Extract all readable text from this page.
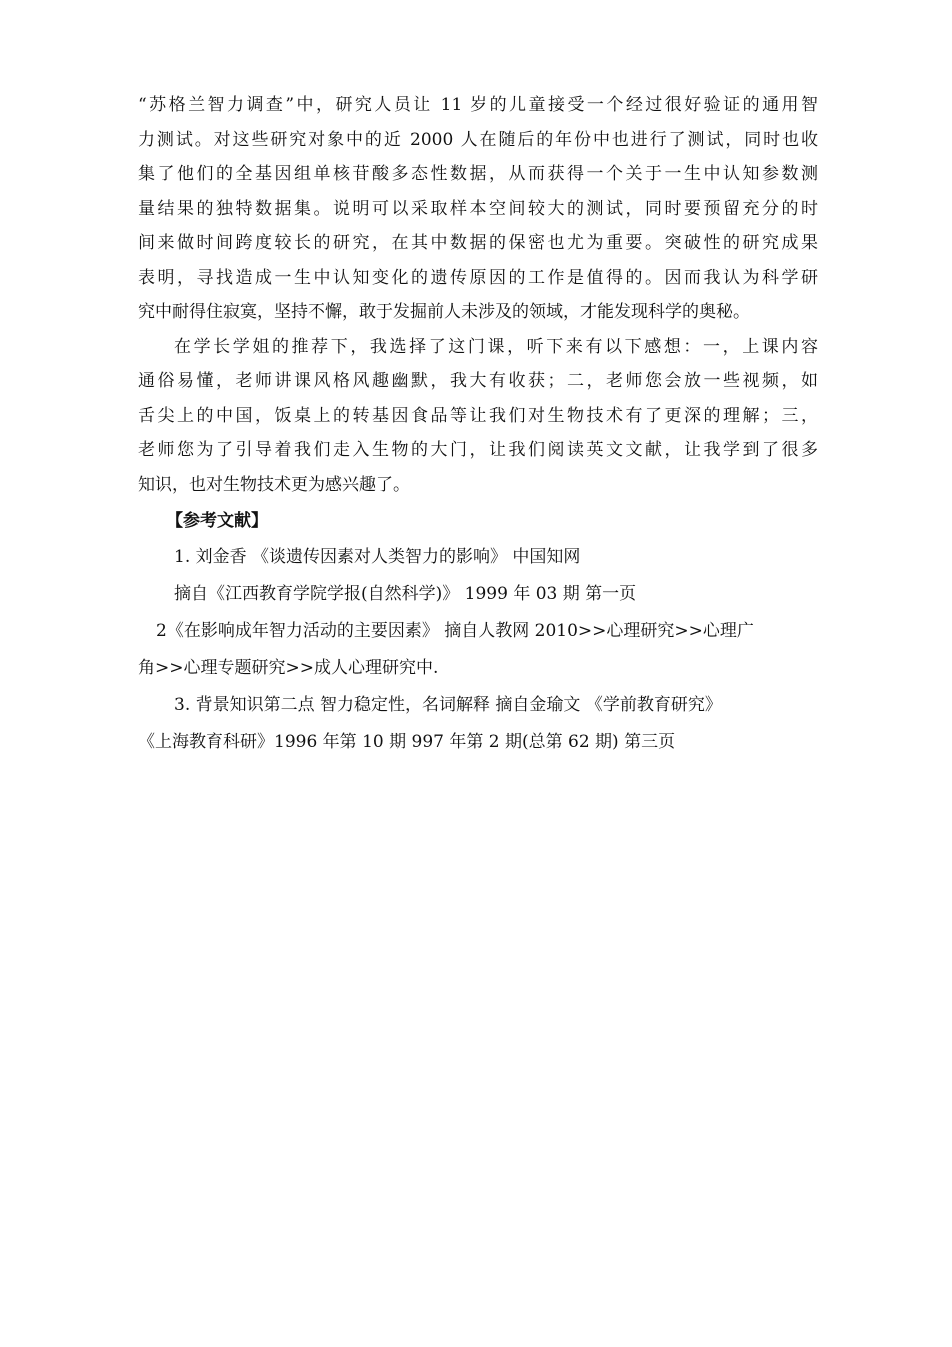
“苏格兰智力调查”中，研究人员让 11 岁的儿童接受一个经过很好验证的通用智
力测试。对这些研究对象中的近 2000 人在随后的年份中也进行了测试，同时也收
集了他们的全基因组单核苷酸多态性数据，从而获得一个关于一生中认知参数测
量结果的独特数据集。说明可以采取样本空间较大的测试，同时要预留充分的时
间来做时间跨度较长的研究，在其中数据的保密也尤为重要。突破性的研究成果
表明，寻找造成一生中认知变化的遗传原因的工作是值得的。因而我认为科学研
究中耐得住寂寞，坚持不懈，敢于发掘前人未涉及的领域，才能发现科学的奥秘。
在学长学姐的推荐下，我选择了这门课，听下来有以下感想：一，上课内容
通俗易懂，老师讲课风格风趣幽默，我大有收获；二，老师您会放一些视频，如
舌尖上的中国，饭桌上的转基因食品等让我们对生物技术有了更深的理解；三，
老师您为了引导着我们走入生物的大门，让我们阅读英文文献，让我学到了很多
知识，也对生物技术更为感兴趣了。
【参考文献】
1. 刘金香 《谈遗传因素对人类智力的影响》 中国知网
摘自《江西教育学院学报(自然科学)》 1999 年 03 期 第一页
2《在影响成年智力活动的主要因素》 摘自人教网 2010>>心理研究>>心理广
角>>心理专题研究>>成人心理研究中.
3. 背景知识第二点 智力稳定性，名词解释 摘自金瑜文 《学前教育研究》
《上海教育科研》1996 年第 10 期 997 年第 2 期(总第 62 期) 第三页
